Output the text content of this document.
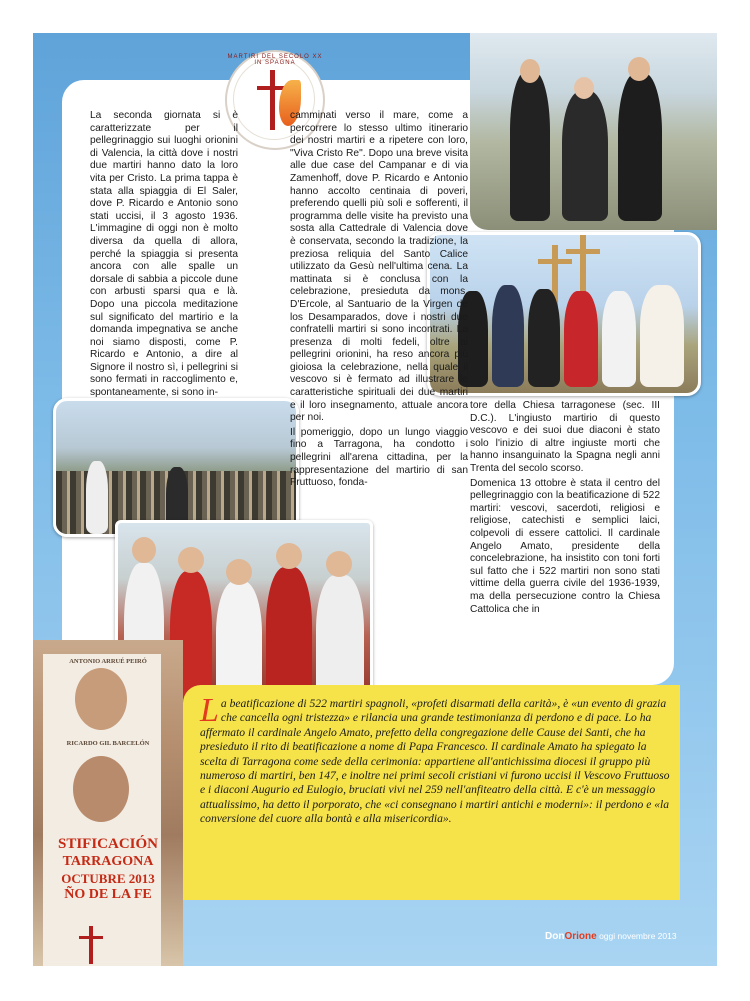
ANTONIO ARRUÉ PEIRÓ
RICARDO GIL BARCELÓN
STIFICACIÓN
TARRAGONA
OCTUBRE 2013
ÑO DE LA FE
MARTIRI DEL SECOLO XX IN SPAGNA

La seconda giornata si è caratterizzate per il pellegrinaggio sui luoghi orionini di Valencia, la città dove i nostri due martiri hanno dato la loro vita per Cristo. La prima tappa è stata alla spiaggia di El Saler, dove P. Ricardo e Antonio sono stati uccisi, il 3 agosto 1936. L'immagine di oggi non è molto diversa da quella di allora, perché la spiaggia si presenta ancora con alle spalle un dorsale di sabbia a piccole dune con arbusti sparsi qua e là. Dopo una piccola meditazione sul significato del martirio e la domanda impegnativa se anche noi siamo disposti, come P. Ricardo e Antonio, a dire al Signore il nostro sì, i pellegrini si sono fermati in raccoglimento e, spontaneamente, si sono in-

camminati verso il mare, come a percorrere lo stesso ultimo itinerario dei nostri martiri e a ripetere con loro, "Viva Cristo Re". Dopo una breve visita alle due case del Campanar e di via Zamenhoff, dove P. Ricardo e Antonio hanno accolto centinaia di poveri, preferendo quelli più soli e sofferenti, il programma delle visite ha previsto una sosta alla Cattedrale di Valencia dove è conservata, secondo la tradizione, la preziosa reliquia del Santo Calice utilizzato da Gesù nell'ultima cena. La mattinata si è conclusa con la celebrazione, presieduta da mons. D'Ercole, al Santuario de la Virgen de los Desamparados, dove i nostri due confratelli martiri si sono incontrati. La presenza di molti fedeli, oltre ai pellegrini orionini, ha reso ancora più gioiosa la celebrazione, nella quale il vescovo si è fermato ad illustrare le caratteristiche spirituali dei due martiri e il loro insegnamento, attuale ancora per noi.

Il pomeriggio, dopo un lungo viaggio fino a Tarragona, ha condotto i pellegrini all'arena cittadina, per la rappresentazione del martirio di san Fruttuoso, fonda-

tore della Chiesa tarragonese (sec. III D.C.). L'ingiusto martirio di questo vescovo e dei suoi due diaconi è stato solo l'inizio di altre ingiuste morti che hanno insanguinato la Spagna negli anni Trenta del secolo scorso.

Domenica 13 ottobre è stata il centro del pellegrinaggio con la beatificazione di 522 martiri: vescovi, sacerdoti, religiosi e religiose, catechisti e semplici laici, colpevoli di essere cattolici. Il cardinale Angelo Amato, presidente della concelebrazione, ha insistito con toni forti sul fatto che i 522 martiri non sono stati vittime della guerra civile del 1936-1939, ma della persecuzione contro la Chiesa Cattolica che in

L a beatificazione di 522 martiri spagnoli, «profeti disarmati della carità», è «un evento di grazia che cancella ogni tristezza» e rilancia una grande testimonianza di perdono e di pace. Lo ha affermato il cardinale Angelo Amato, prefetto della congregazione delle Cause dei Santi, che ha presieduto il rito di beatificazione a nome di Papa Francesco. Il cardinale Amato ha spiegato la scelta di Tarragona come sede della cerimonia: appartiene all'antichissima diocesi il gruppo più numeroso di martiri, ben 147, e inoltre nei primi secoli cristiani vi furono uccisi il Vescovo Fruttuoso e i diaconi Augurio ed Eulogio, bruciati vivi nel 259 nell'anfiteatro della città. E c'è un messaggio attualissimo, ha detto il porporato, che «ci consegnano i martiri antichi e moderni»: il perdono e «la conversione del cuore alla bontà e alla misericordia».
DonOrione oggi novembre 2013
